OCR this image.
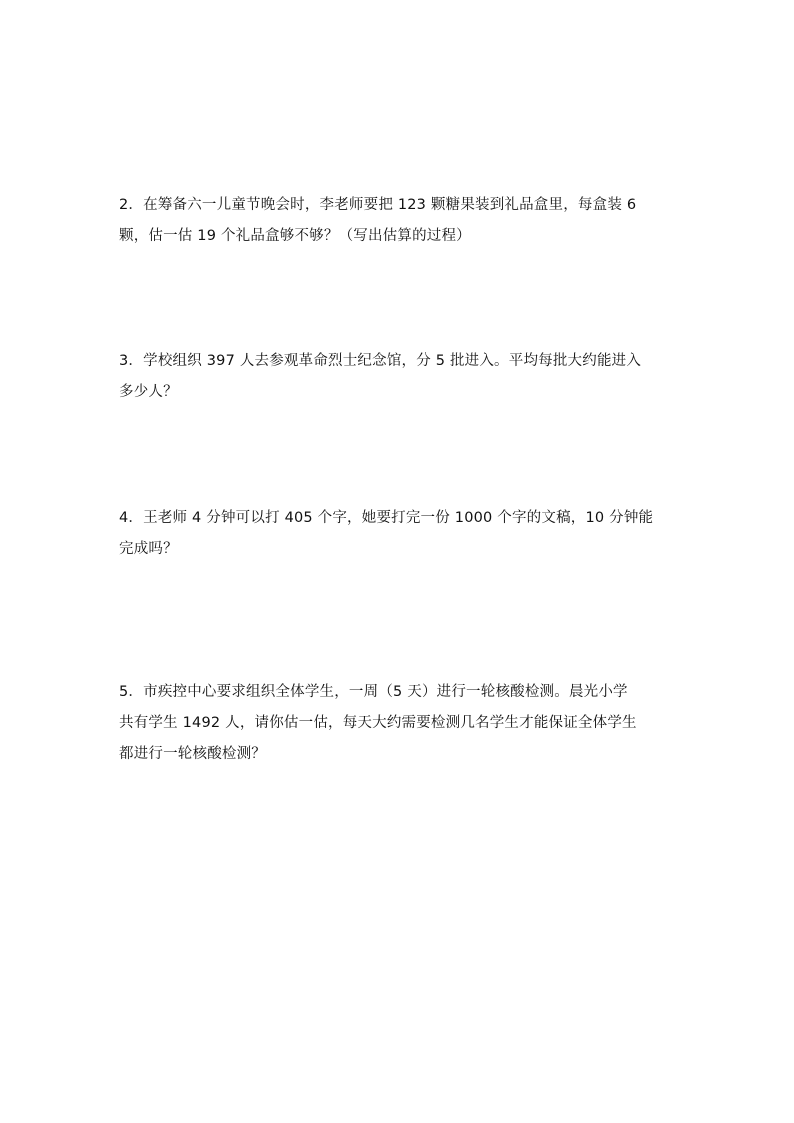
2．在筹备六一儿童节晚会时，李老师要把 123 颗糖果装到礼品盒里，每盒装 6
颗，估一估 19 个礼品盒够不够？（写出估算的过程）
3．学校组织 397 人去参观革命烈士纪念馆，分 5 批进入。平均每批大约能进入
多少人？
4．王老师 4 分钟可以打 405 个字，她要打完一份 1000 个字的文稿，10 分钟能
完成吗？
5．市疾控中心要求组织全体学生，一周（5 天）进行一轮核酸检测。晨光小学
共有学生 1492 人，请你估一估，每天大约需要检测几名学生才能保证全体学生
都进行一轮核酸检测？
